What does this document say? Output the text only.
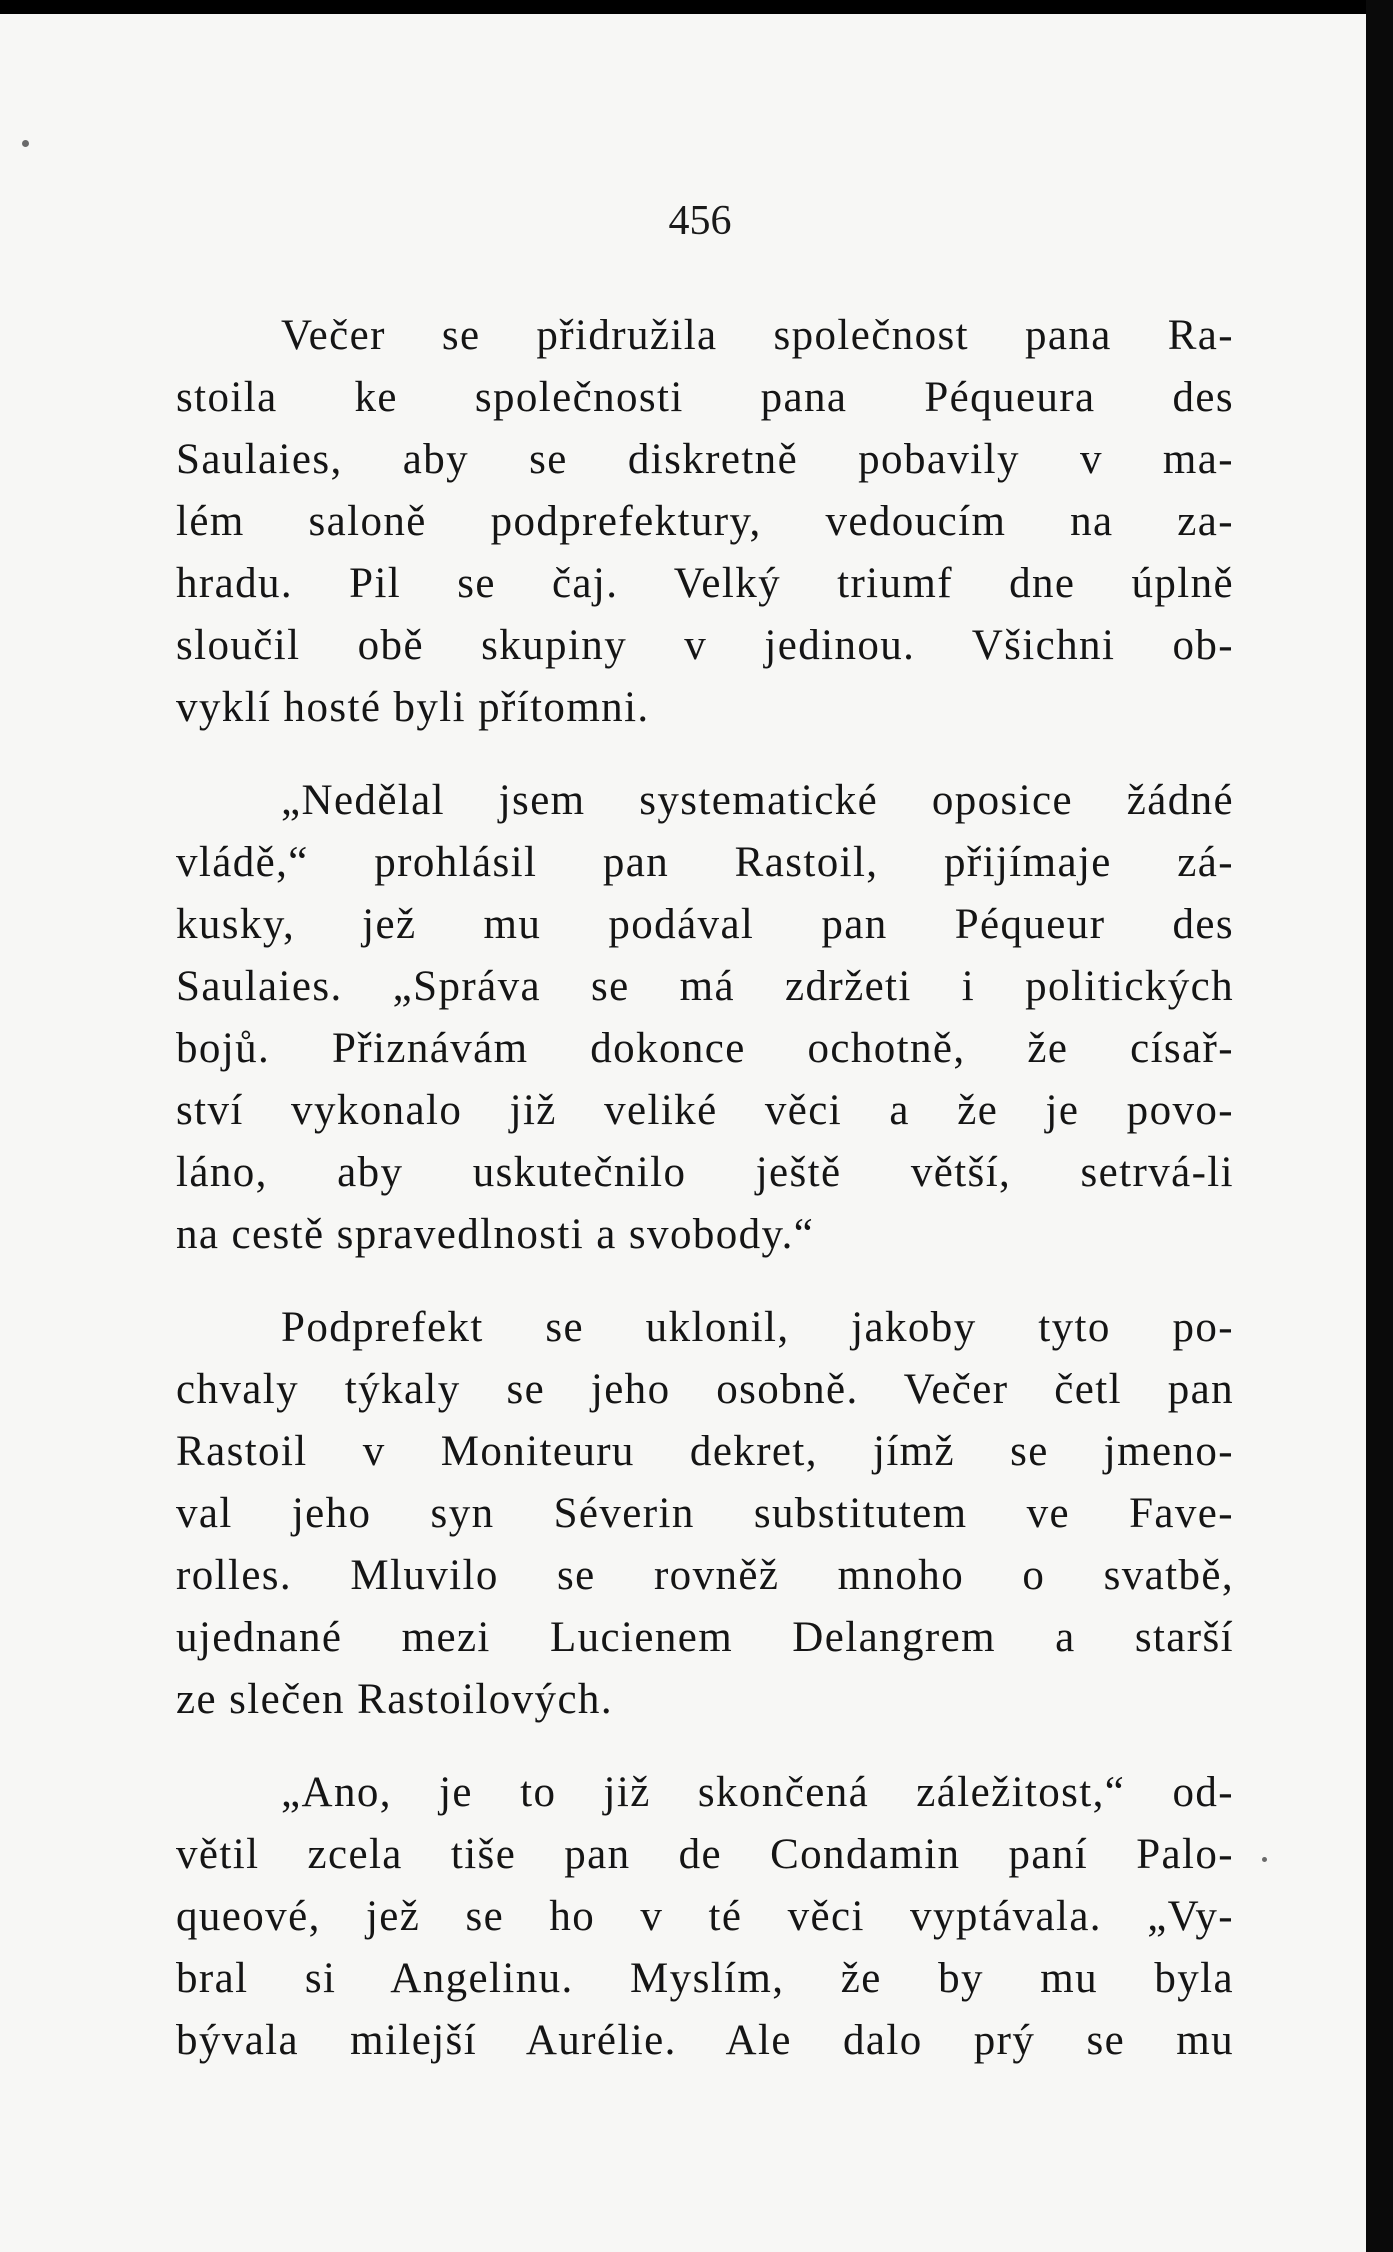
456

Večer se přidružila společnost pana Ra-
stoila ke společnosti pana Péqueura des
Saulaies, aby se diskretně pobavily v ma-
lém saloně podprefektury, vedoucím na za-
hradu. Pil se čaj. Velký triumf dne úplně
sloučil obě skupiny v jedinou. Všichni ob-
vyklí hosté byli přítomni.
„Nedělal jsem systematické oposice žádné
vládě,“ prohlásil pan Rastoil, přijímaje zá-
kusky, jež mu podával pan Péqueur des
Saulaies. „Správa se má zdržeti i politických
bojů. Přiznávám dokonce ochotně, že císař-
ství vykonalo již veliké věci a že je povo-
láno, aby uskutečnilo ještě větší, setrvá-li
na cestě spravedlnosti a svobody.“
Podprefekt se uklonil, jakoby tyto po-
chvaly týkaly se jeho osobně. Večer četl pan
Rastoil v Moniteuru dekret, jímž se jmeno-
val jeho syn Séverin substitutem ve Fave-
rolles. Mluvilo se rovněž mnoho o svatbě,
ujednané mezi Lucienem Delangrem a starší
ze slečen Rastoilových.
„Ano, je to již skončená záležitost,“ od-
větil zcela tiše pan de Condamin paní Palo-
queové, jež se ho v té věci vyptávala. „Vy-
bral si Angelinu. Myslím, že by mu byla
bývala milejší Aurélie. Ale dalo prý se mu
